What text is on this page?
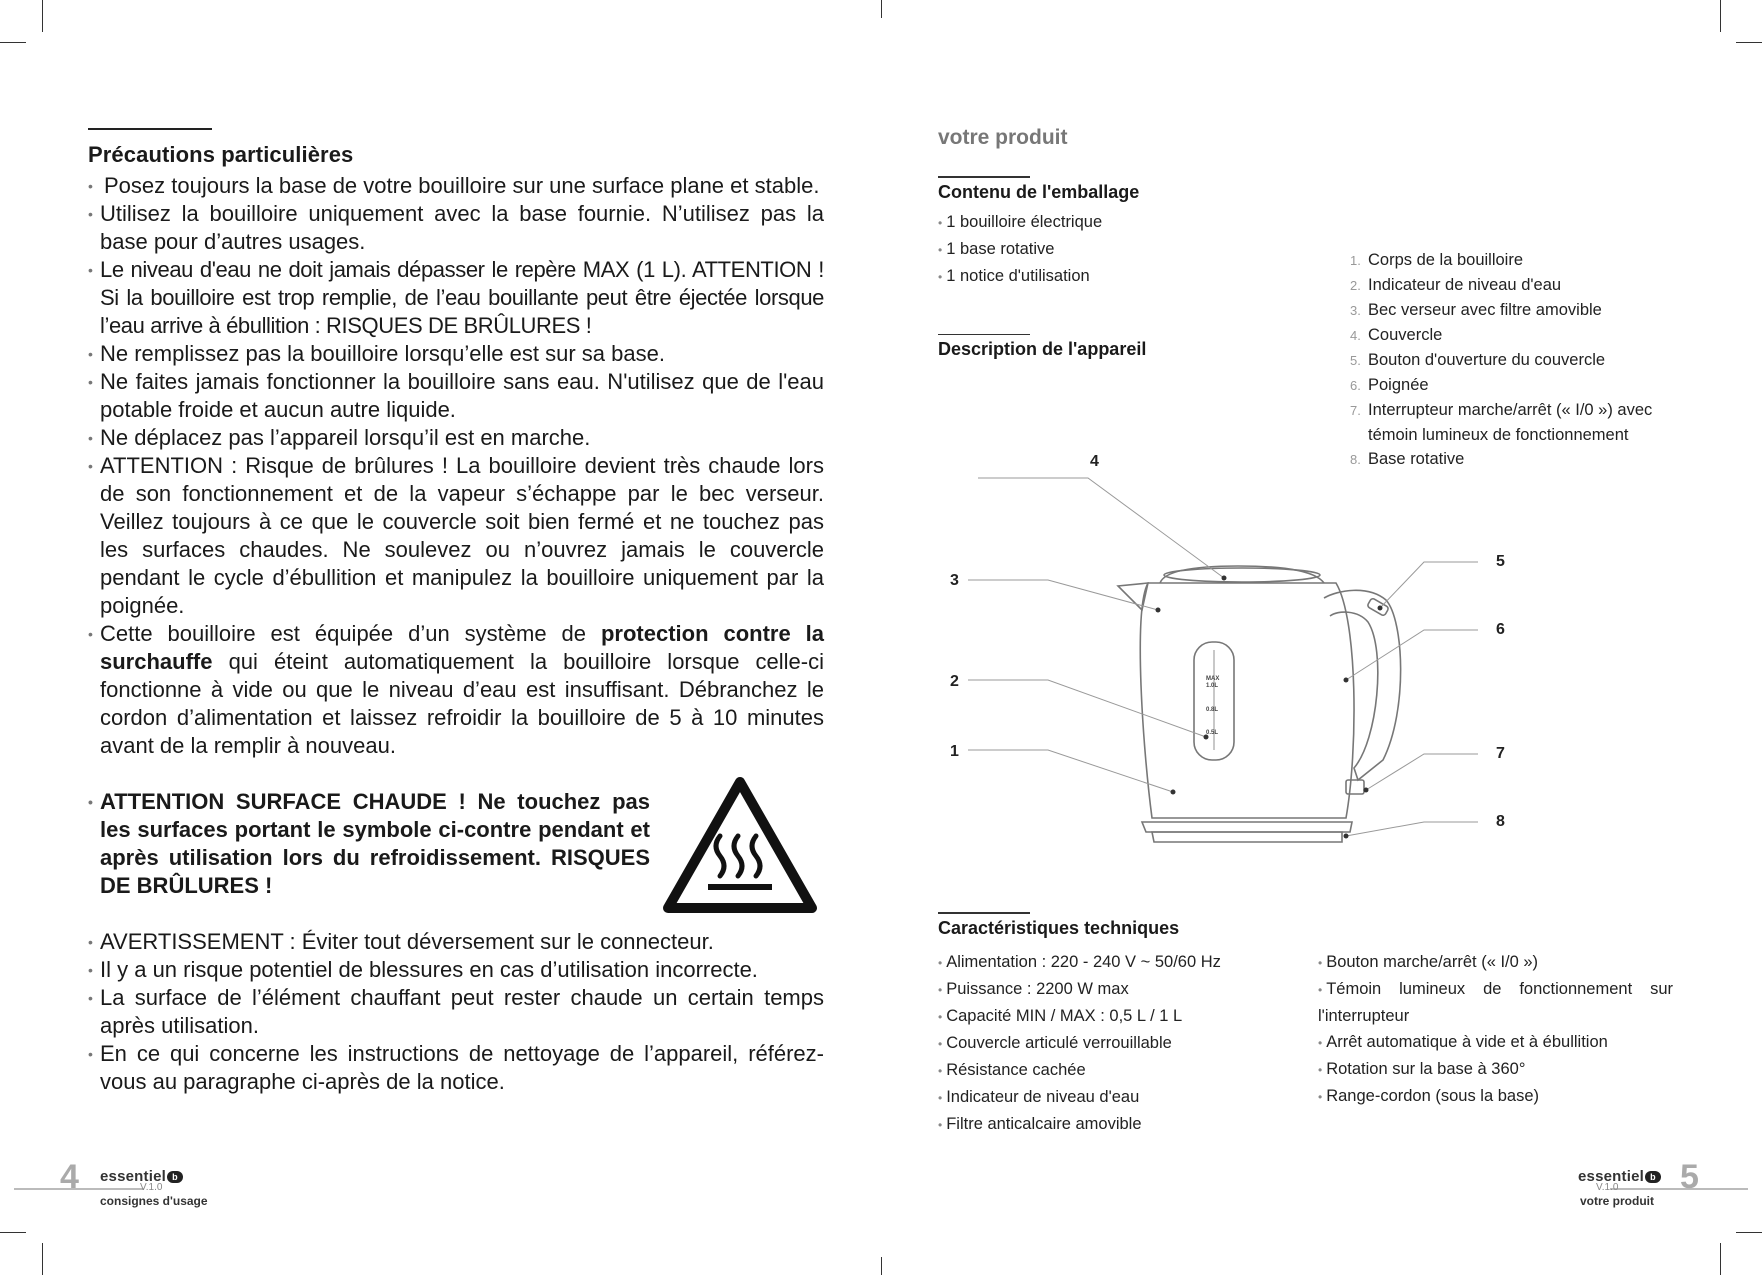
Précautions particulières
• Posez toujours la base de votre bouilloire sur une surface plane et stable.
• Utilisez la bouilloire uniquement avec la base fournie. N’utilisez pas la base pour d’autres usages.
• Le niveau d'eau ne doit jamais dépasser le repère MAX (1 L). ATTENTION ! Si la bouilloire est trop remplie, de l’eau bouillante peut être éjectée lorsque l’eau arrive à ébullition : RISQUES DE BRÛLURES !
• Ne remplissez pas la bouilloire lorsqu’elle est sur sa base.
• Ne faites jamais fonctionner la bouilloire sans eau. N'utilisez que de l'eau potable froide et aucun autre liquide.
• Ne déplacez pas l’appareil lorsqu’il est en marche.
• ATTENTION : Risque de brûlures ! La bouilloire devient très chaude lors de son fonctionnement et de la vapeur s’échappe par le bec verseur. Veillez toujours à ce que le couvercle soit bien fermé et ne touchez pas les surfaces chaudes. Ne soulevez ou n’ouvrez jamais le couvercle pendant le cycle d’ébullition et manipulez la bouilloire uniquement par la poignée.
• Cette bouilloire est équipée d’un système de protection contre la surchauffe qui éteint automatiquement la bouilloire lorsque celle-ci fonctionne à vide ou que le niveau d’eau est insuffisant. Débranchez le cordon d’alimentation et laissez refroidir la bouilloire de 5 à 10 minutes avant de la remplir à nouveau.
• ATTENTION SURFACE CHAUDE ! Ne touchez pas les surfaces portant le symbole ci-contre pendant et après utilisation lors du refroidissement. RISQUES DE BRÛLURES !
• AVERTISSEMENT : Éviter tout déversement sur le connecteur.
• Il y a un risque potentiel de blessures en cas d’utilisation incorrecte.
• La surface de l’élément chauffant peut rester chaude un certain temps après utilisation.
• En ce qui concerne les instructions de nettoyage de l’appareil, référez-vous au paragraphe ci-après de la notice.
4 essentiel b
V.1.0
consignes d'usage
votre produit
Contenu de l'emballage
• 1 bouilloire électrique
• 1 base rotative
• 1 notice d'utilisation
Description de l'appareil
1. Corps de la bouilloire
2. Indicateur de niveau d'eau
3. Bec verseur avec filtre amovible
4. Couvercle
5. Bouton d'ouverture du couvercle
6. Poignée
7. Interrupteur marche/arrêt (« I/0 ») avec
témoin lumineux de fonctionnement
8. Base rotative
4
3
2
1
5
6
7
8
MAX
1.0L
0.8L
0.5L
Caractéristiques techniques
• Alimentation : 220 - 240 V ~ 50/60 Hz
• Puissance : 2200 W max
• Capacité MIN / MAX : 0,5 L / 1 L
• Couvercle articulé verrouillable
• Résistance cachée
• Indicateur de niveau d'eau
• Filtre anticalcaire amovible
• Bouton marche/arrêt (« I/0 »)
• Témoin lumineux de fonctionnement sur l'interrupteur
• Arrêt automatique à vide et à ébullition
• Rotation sur la base à 360°
• Range-cordon (sous la base)
5
essentiel b
V.1.0
votre produit
